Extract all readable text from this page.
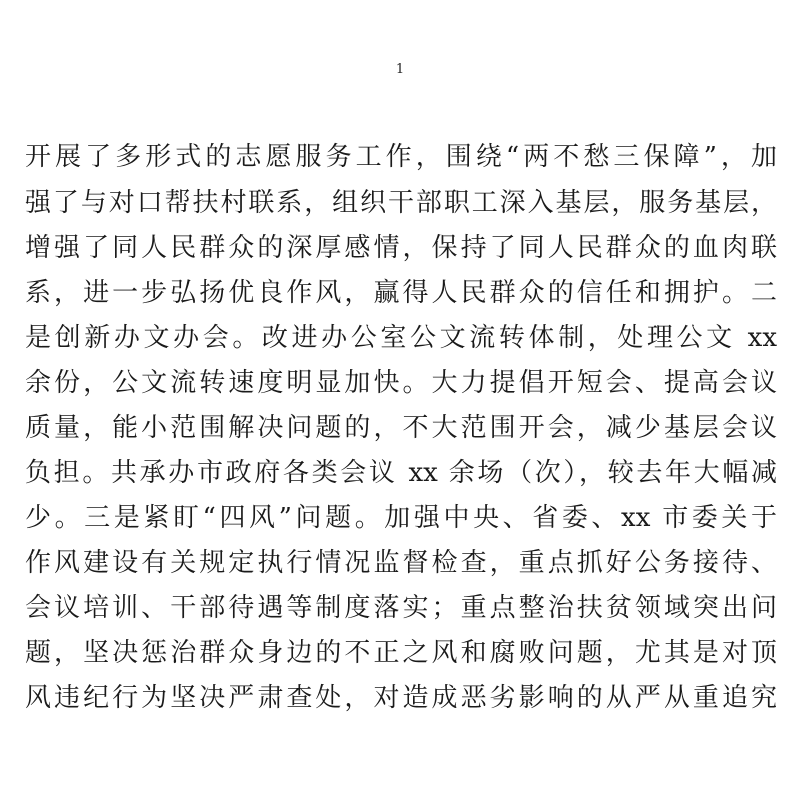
1
开展了多形式的志愿服务工作，围绕“两不愁三保障”，加
强了与对口帮扶村联系，组织干部职工深入基层，服务基层，
增强了同人民群众的深厚感情，保持了同人民群众的血肉联
系，进一步弘扬优良作风，赢得人民群众的信任和拥护。二
是创新办文办会。改进办公室公文流转体制，处理公文 xx
余份，公文流转速度明显加快。大力提倡开短会、提高会议
质量，能小范围解决问题的，不大范围开会，减少基层会议
负担。共承办市政府各类会议 xx 余场（次），较去年大幅减
少。三是紧盯“四风”问题。加强中央、省委、xx 市委关于
作风建设有关规定执行情况监督检查，重点抓好公务接待、
会议培训、干部待遇等制度落实；重点整治扶贫领域突出问
题，坚决惩治群众身边的不正之风和腐败问题，尤其是对顶
风违纪行为坚决严肃查处，对造成恶劣影响的从严从重追究
